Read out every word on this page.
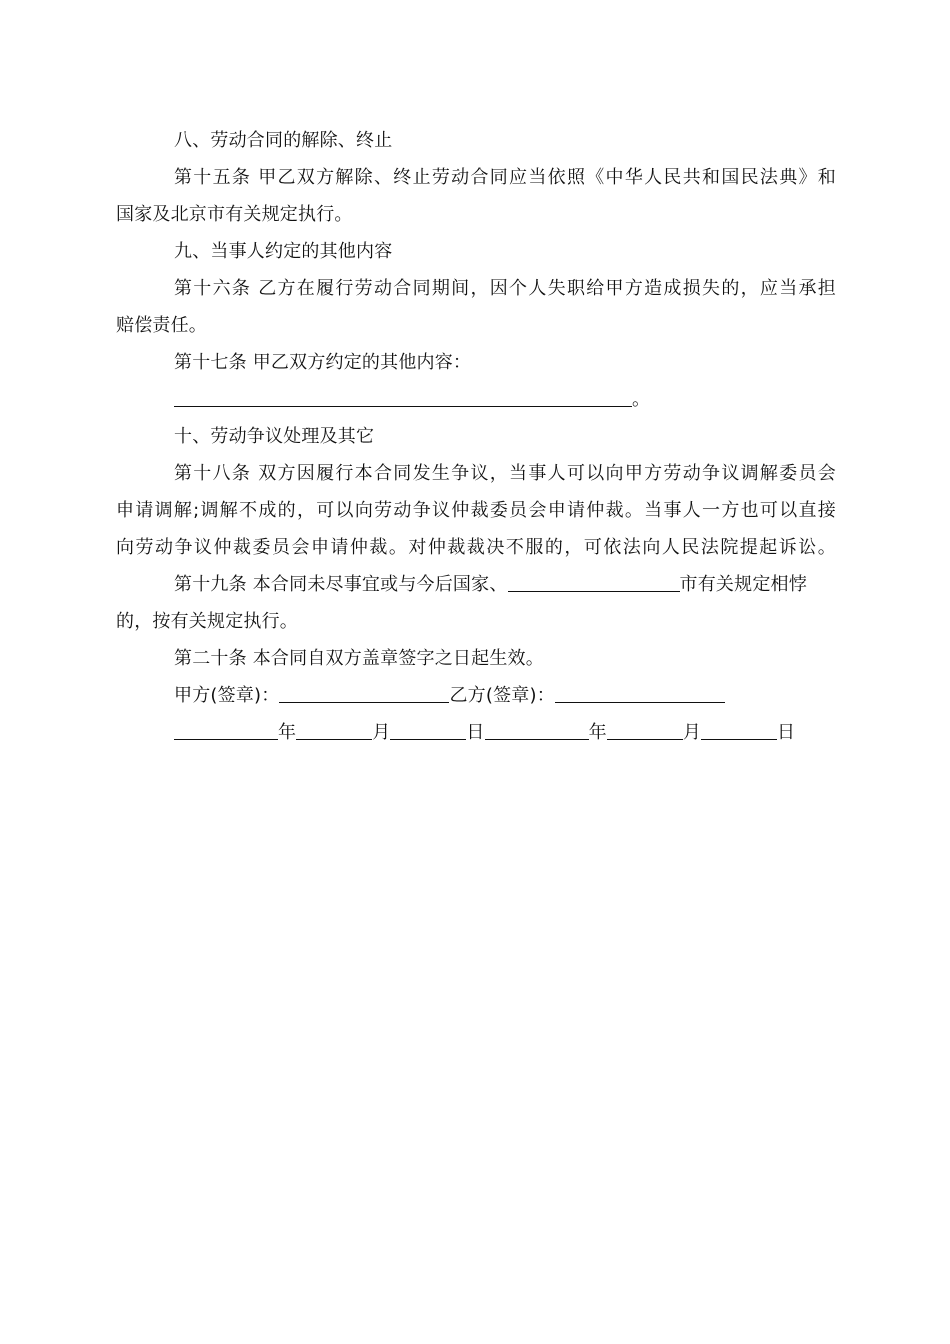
八、劳动合同的解除、终止
第十五条 甲乙双方解除、终止劳动合同应当依照《中华人民共和国民法典》和
国家及北京市有关规定执行。
九、当事人约定的其他内容
第十六条 乙方在履行劳动合同期间，因个人失职给甲方造成损失的，应当承担
赔偿责任。
第十七条 甲乙双方约定的其他内容：
。
十、劳动争议处理及其它
第十八条 双方因履行本合同发生争议，当事人可以向甲方劳动争议调解委员会
申请调解;调解不成的，可以向劳动争议仲裁委员会申请仲裁。当事人一方也可以直接
向劳动争议仲裁委员会申请仲裁。对仲裁裁决不服的，可依法向人民法院提起诉讼。
第十九条 本合同未尽事宜或与今后国家、	市有关规定相悖
的，按有关规定执行。
第二十条 本合同自双方盖章签字之日起生效。
甲方(签章)：	乙方(签章)：
年	月	日	年	月	日
